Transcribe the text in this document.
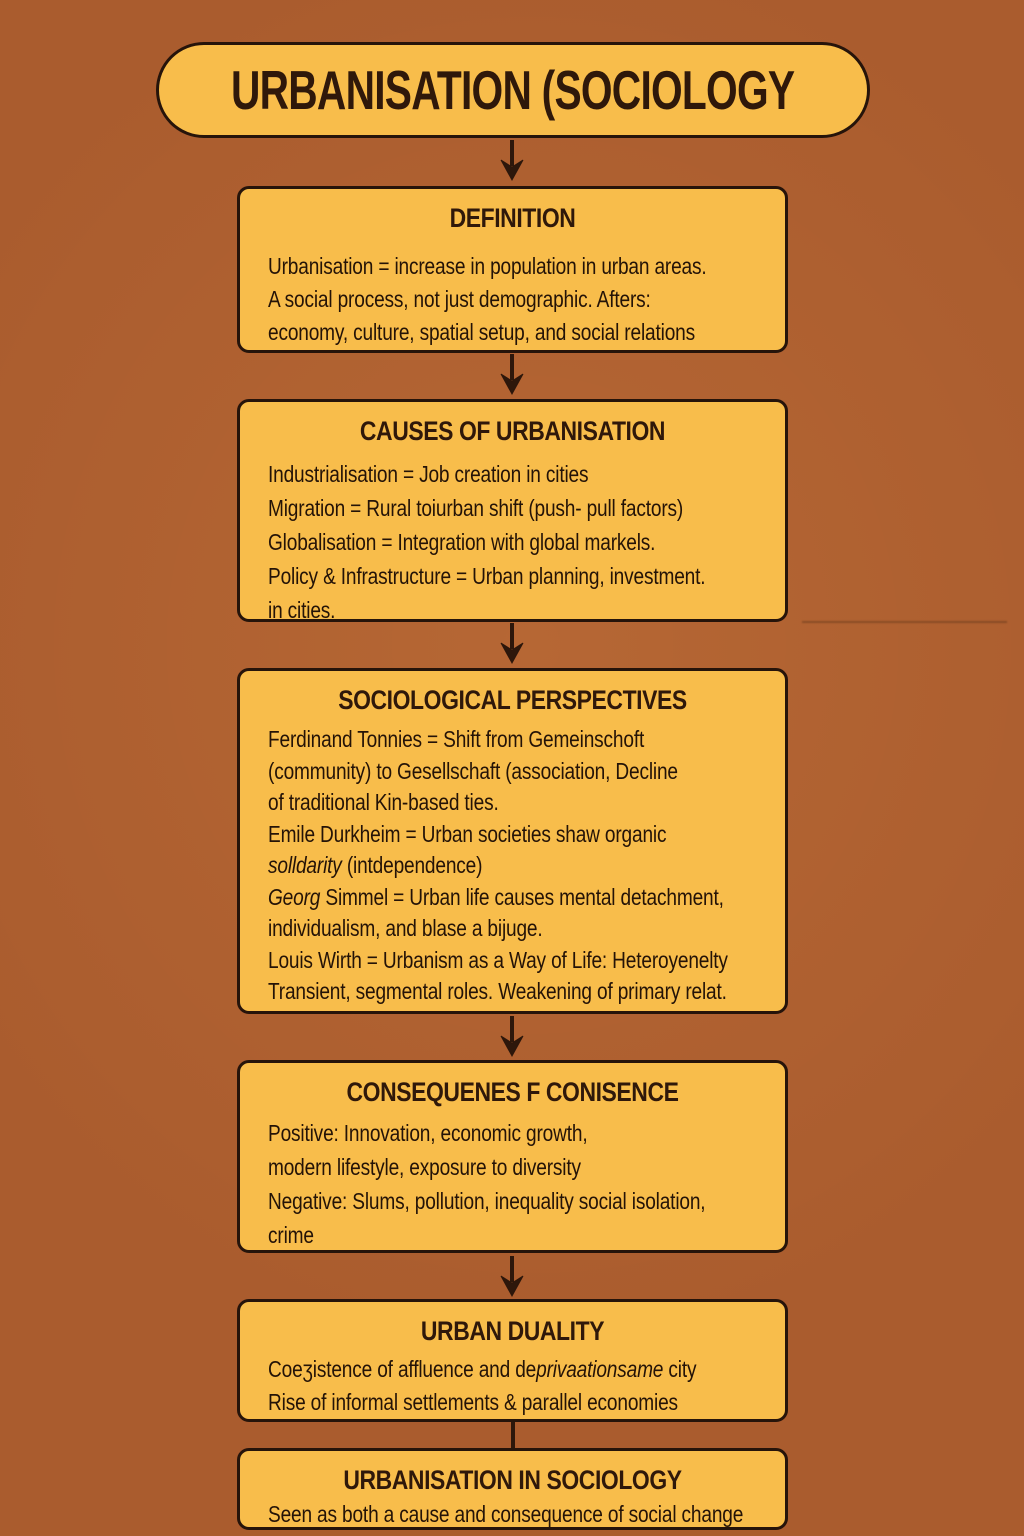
URBANISATION (SOCIOLOGY
DEFINITION
Urbanisation = increase in population in urban areas.
A social process, not just demographic. Afters:
economy, culture, spatial setup, and social relations
CAUSES OF URBANISATION
Industrialisation = Job creation in cities
Migration = Rural toiurban shift (push- pull factors)
Globalisation = Integration with global markels.
Policy & Infrastructure = Urban planning, investment.
in cities.
SOCIOLOGICAL PERSPECTIVES
Ferdinand Tonnies = Shift from Gemeinschoft
(community) to Gesellschaft (association, Decline
of traditional Kin-based ties.
Emile Durkheim = Urban societies shaw organic
solldarity (intdependence)
Georg Simmel = Urban life causes mental detachment,
individualism, and blase a bijuge.
Louis Wirth = Urbanism as a Way of Life: Heteroyenelty
Transient, segmental roles. Weakening of primary relat.
CONSEQUENES F CONISENCE
Positive: Innovation, economic growth,
modern lifestyle, exposure to diversity
Negative: Slums, pollution, inequality social isolation,
crime
URBAN DUALITY
Coeʒistence of affluence and deprivaationsame city
Rise of informal settlements & parallel economies
URBANISATION IN SOCIOLOGY
Seen as both a cause and consequence of social change
